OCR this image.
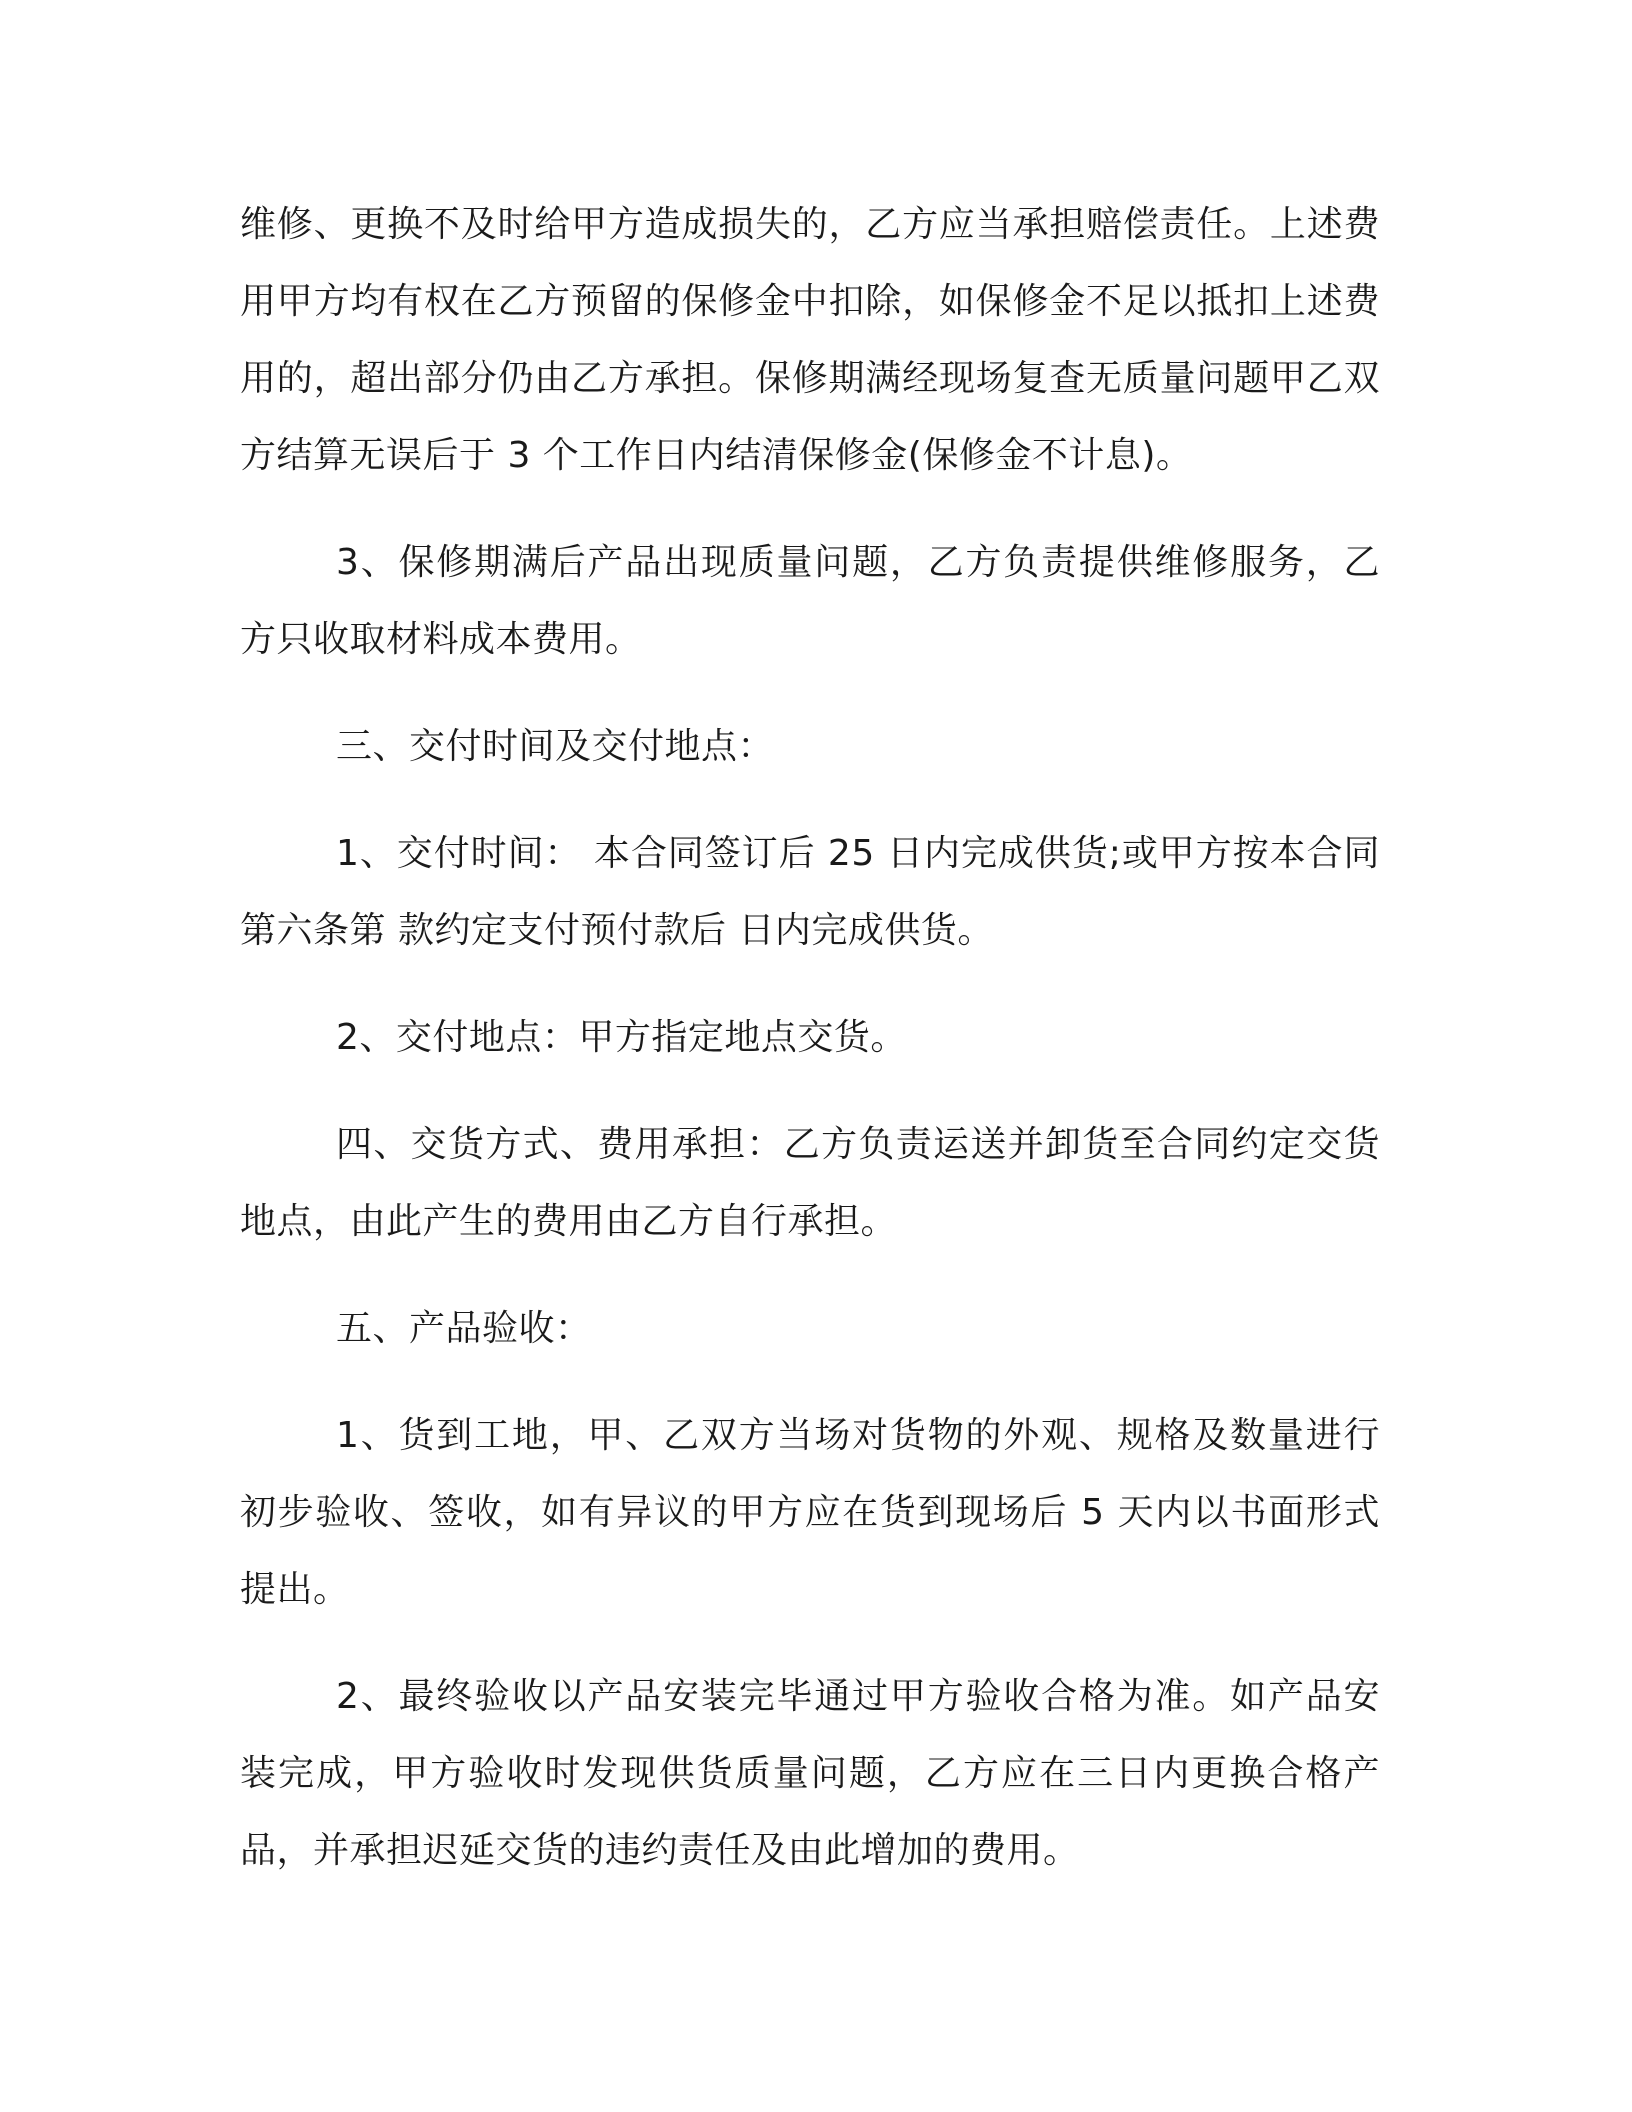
维修、更换不及时给甲方造成损失的，乙方应当承担赔偿责任。上述费用甲方均有权在乙方预留的保修金中扣除，如保修金不足以抵扣上述费用的，超出部分仍由乙方承担。保修期满经现场复查无质量问题甲乙双方结算无误后于 3 个工作日内结清保修金(保修金不计息)。

3、保修期满后产品出现质量问题，乙方负责提供维修服务，乙方只收取材料成本费用。

三、交付时间及交付地点：

1、交付时间： 本合同签订后 25 日内完成供货;或甲方按本合同第六条第 款约定支付预付款后 日内完成供货。

2、交付地点：甲方指定地点交货。

四、交货方式、费用承担：乙方负责运送并卸货至合同约定交货地点，由此产生的费用由乙方自行承担。

五、产品验收：

1、货到工地，甲、乙双方当场对货物的外观、规格及数量进行初步验收、签收，如有异议的甲方应在货到现场后 5 天内以书面形式提出。

2、最终验收以产品安装完毕通过甲方验收合格为准。如产品安装完成，甲方验收时发现供货质量问题，乙方应在三日内更换合格产品，并承担迟延交货的违约责任及由此增加的费用。
